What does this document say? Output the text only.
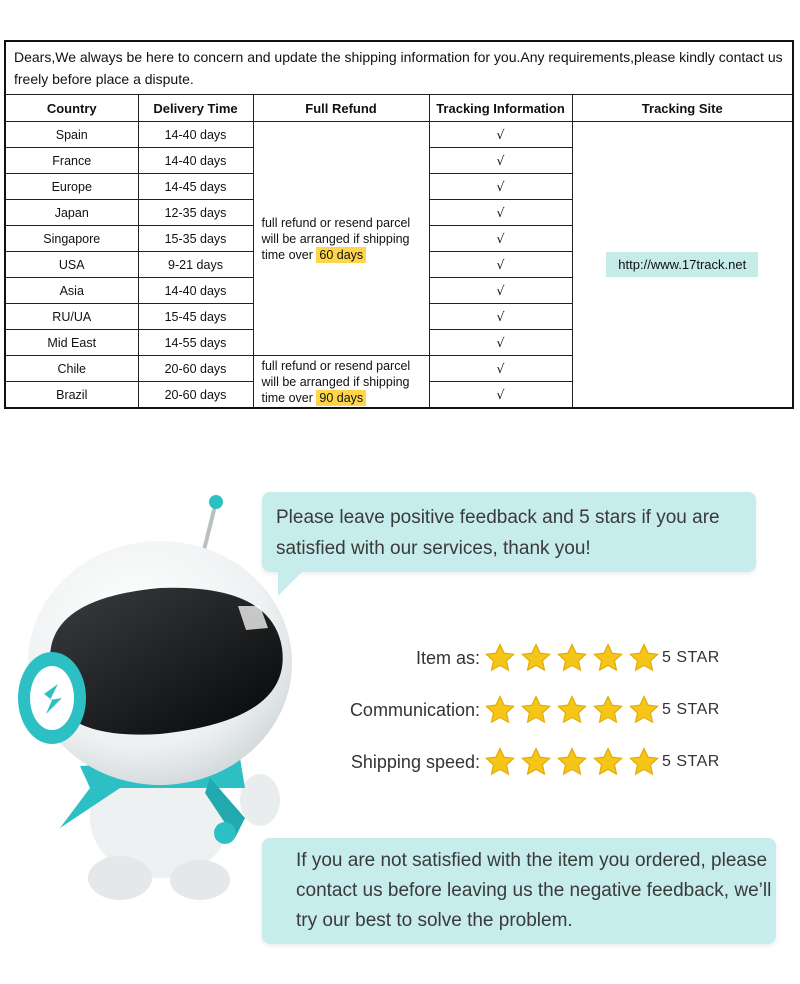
Dears,We always be here to concern and update the shipping information for you.Any requirements,please kindly contact us freely before place a dispute.				
Country	Delivery Time	Full Refund	Tracking Information	Tracking Site
Spain	14-40 days	full refund or resend parcel will be arranged if shipping time over 60 days	√	http://www.17track.net
France	14-40 days		√	
Europe	14-45 days		√	
Japan	12-35 days		√	
Singapore	15-35 days		√	
USA	9-21 days		√	
Asia	14-40 days		√	
RU/UA	15-45 days		√	
Mid East	14-55 days		√	
Chile	20-60 days	full refund or resend parcel will be arranged if shipping time over 90 days	√	
Brazil	20-60 days		√	

Please leave positive feedback and 5 stars if you are satisfied with our services, thank you!

Item as:	5 STAR
Communication:	5 STAR
Shipping speed:	5 STAR

If you are not satisfied with the item you ordered, please contact us before leaving us the negative feedback, we’ll try our best to solve the problem.
